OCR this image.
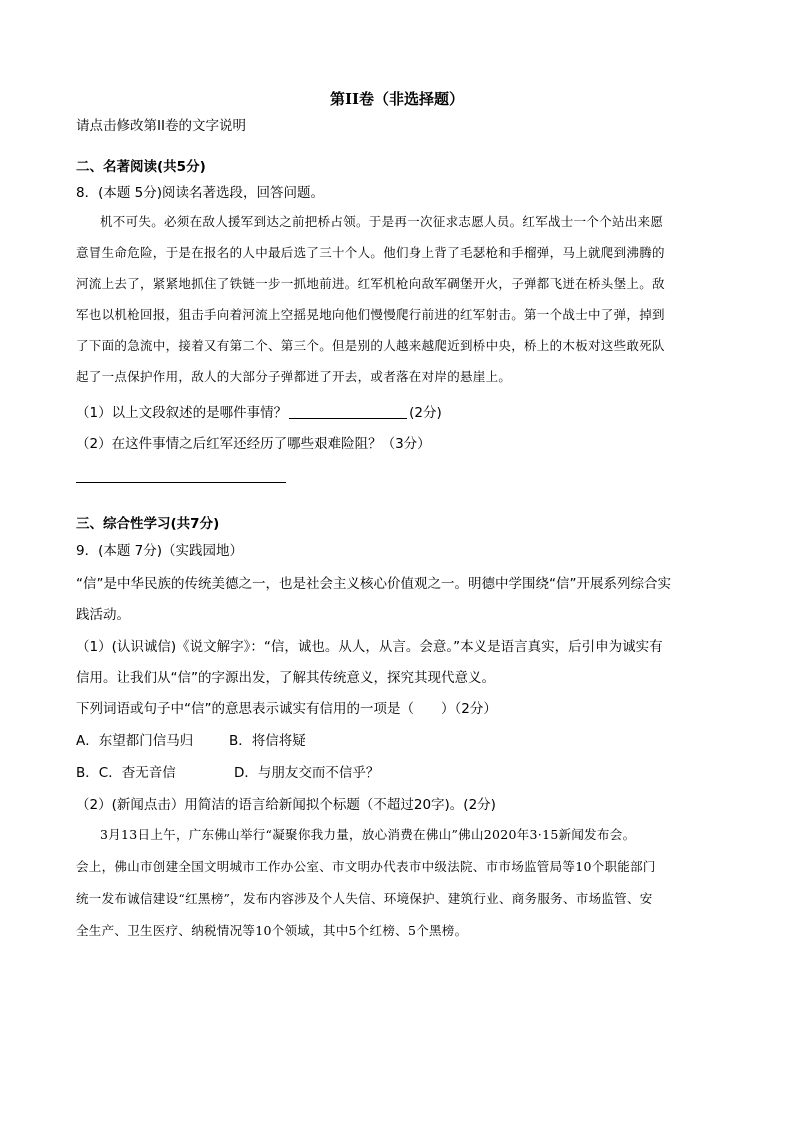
第II卷（非选择题）
请点击修改第II卷的文字说明
二、名著阅读(共5分)
8．(本题 5分)阅读名著选段，回答问题。
机不可失。必须在敌人援军到达之前把桥占领。于是再一次征求志愿人员。红军战士一个个站出来愿
意冒生命危险，于是在报名的人中最后选了三十个人。他们身上背了毛瑟枪和手榴弹，马上就爬到沸腾的
河流上去了，紧紧地抓住了铁链一步一抓地前进。红军机枪向敌军碉堡开火，子弹都飞迸在桥头堡上。敌
军也以机枪回报，狙击手向着河流上空摇晃地向他们慢慢爬行前进的红军射击。第一个战士中了弹，掉到
了下面的急流中，接着又有第二个、第三个。但是别的人越来越爬近到桥中央，桥上的木板对这些敢死队
起了一点保护作用，敌人的大部分子弹都迸了开去，或者落在对岸的悬崖上。
（1）以上文段叙述的是哪件事情？	(2分)
（2）在这件事情之后红军还经历了哪些艰难险阻？（3分）
三、综合性学习(共7分)
9．(本题 7分)（实践园地）
“信”是中华民族的传统美德之一，也是社会主义核心价值观之一。明德中学围绕“信”开展系列综合实
践活动。
（1）(认识诚信)《说文解字》：“信，诚也。从人，从言。会意。”本义是语言真实，后引申为诚实有
信用。让我们从“信”的字源出发，了解其传统意义，探究其现代意义。
下列词语或句子中“信”的意思表示诚实有信用的一项是（　　）（2分）
A．东望都门信马归	B．将信将疑
B．C．杳无音信	D．与朋友交而不信乎？
（2）(新闻点击）用简洁的语言给新闻拟个标题（不超过20字)。(2分)
3月13日上午，广东佛山举行“凝聚你我力量，放心消费在佛山”佛山2020年3·15新闻发布会。
会上，佛山市创建全国文明城市工作办公室、市文明办代表市中级法院、市市场监管局等10个职能部门
统一发布诚信建设“红黑榜”，发布内容涉及个人失信、环境保护、建筑行业、商务服务、市场监管、安
全生产、卫生医疗、纳税情况等10个领域，其中5个红榜、5个黑榜。
